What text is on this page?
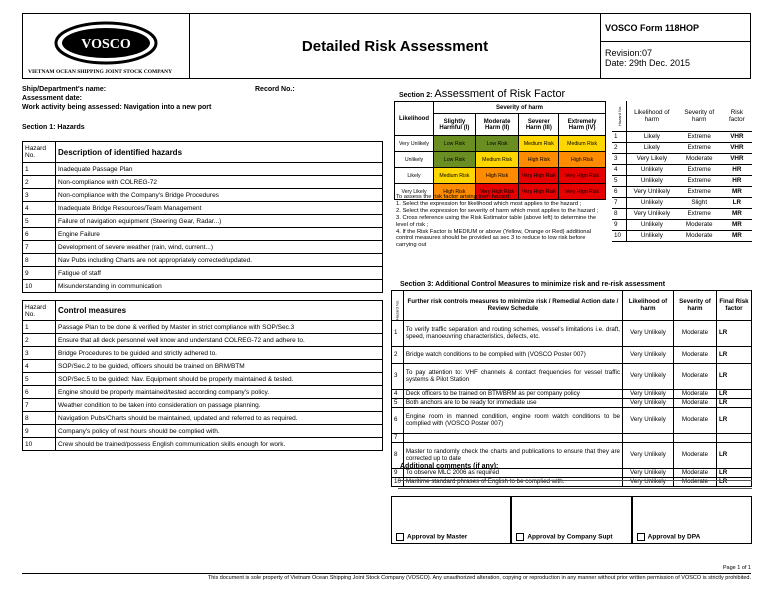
VOSCO
VIETNAM OCEAN SHIPPING JOINT STOCK COMPANY
Detailed Risk Assessment
VOSCO Form 118HOP
Revision:07
Date: 29th Dec. 2015
Ship/Department's name:	Record No.:
Assessment date:
Work activity being assessed: Navigation into a new port
Section 1: Hazards
Hazard No.	Description of identified hazards
1	Inadequate Passage Plan
2	Non-compliance with COLREG-72
3	Non-compliance with the Company's Bridge Procedures
4	Inadequate Bridge Resources/Team Management
5	Failure of navigation equipment (Steering Gear, Radar...)
6	Engine Failure
7	Development of severe weather (rain, wind, current...)
8	Nav Pubs including Charts are not appropriately corrected/updated.
9	Fatigue of staff
10	Misunderstanding in communication
Hazard No.	Control measures
1	Passage Plan to be done & verified by Master in strict compliance with SOP/Sec.3
2	Ensure that all deck personnel well know and understand COLREG-72 and adhere to.
3	Bridge Procedures to be guided and strictly adhered to.
4	SOP/Sec.2 to be guided, officers should be trained on BRM/BTM
5	SOP/Sec.5 to be guided: Nav. Equipment should be properly maintained & tested.
6	Engine should be properly maintained/tested according company's policy.
7	Weather condition to be taken into consideration on passage planning.
8	Navigation Pubs/Charts should be maintained, updated and referred to as required.
9	Company's policy of rest hours should be complied with.
10	Crew should be trained/possess English communication skills enough for work.
Section 2: Assessment of Risk Factor
Likelihood	Severity of harm			
	Slightly Harmful (I)	Moderate Harm (II)	Severer Harm (III)	Extremely Harm (IV)
Very Unlikely	Low Risk	Low Risk	Medium Risk	Medium Risk
Unlikely	Low Risk	Medium Risk	High Risk	High Risk
Likely	Medium Risk	High Risk	Very High Risk	Very High Risk
Very Likely	High Risk	Very High Risk	Very High Risk	Very High Risk
To assess the risk factor arising from hazard:
1. Select the expression for likelihood which most applies to the hazard ;
2. Select the expression for severity of harm which most applies to the hazard ;
3. Cross reference using the Risk Estimator table (above left) to determine the level of risk ;
4. If the Risk Factor is MEDIUM or above (Yellow, Orange or Red) additional control measures should be provided as sec 3 to reduce to low risk before carrying out
Hazard No.	Likelihood of harm	Severity of harm	Risk factor
1	Likely	Extreme	VHR
2	Likely	Extreme	VHR
3	Very Likely	Moderate	VHR
4	Unlikely	Extreme	HR
5	Unlikely	Extreme	HR
6	Very Unlikely	Extreme	MR
7	Unlikely	Slight	LR
8	Very Unlikely	Extreme	MR
9	Unlikely	Moderate	MR
10	Unlikely	Moderate	MR
Section 3: Additional Control Measures to minimize risk and re-risk assessment
Hazard No.	Further risk controls measures to minimize risk / Remedial Action date / Review Schedule	Likelihood of harm	Severity of harm	Final Risk factor
1	To verify traffic separation and routing schemes, vessel's limitations i.e. draft, speed, manoeuvring characteristics, defects, etc.	Very Unlikely	Moderate	LR
2	Bridge watch conditions to be complied with (VOSCO Poster 007)	Very Unlikely	Moderate	LR
3	To pay attention to: VHF channels & contact frequencies for vessel traffic systems & Pilot Station	Very Unlikely	Moderate	LR
4	Deck officers to be trained on BTM/BRM as per company policy	Very Unlikely	Moderate	LR
5	Both anchors are to be ready for immediate use	Very Unlikely	Moderate	LR
6	Engine room in manned condition, engine room watch conditions to be complied with (VOSCO Poster 007)	Very Unlikely	Moderate	LR
7				
8	Master to randomly check the charts and publications to ensure that they are corrected up to date	Very Unlikely	Moderate	LR
9	To observe MLC 2006 as required	Very Unlikely	Moderate	LR
10	Maritime standard phrases of English to be complied with.	Very Unlikely	Moderate	LR
Additional comments (if any):
Approval by Master	Approval by Company Supt	Approval by DPA
Page 1 of 1
This document is sole property of Vietnam Ocean Shipping Joint Stock Company (VOSCO). Any unauthorized alteration, copying or reproduction in any manner without prior written permission of VOSCO is strictly prohibited.
